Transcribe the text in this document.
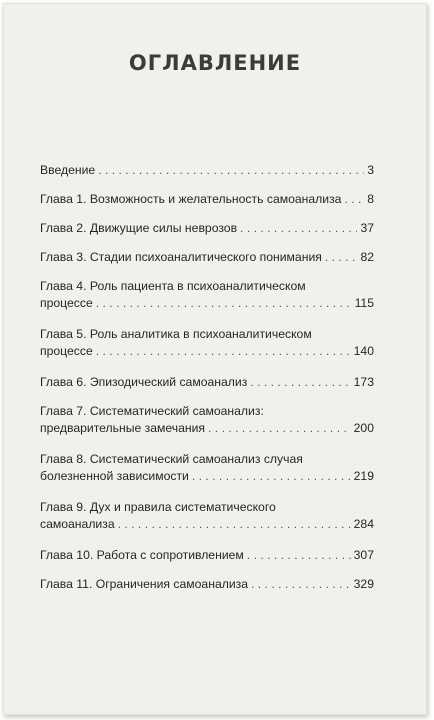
ОГЛАВЛЕНИЕ
Введение . . .	3
Глава 1. Возможность и желательность самоанализа . . . 8
Глава 2. Движущие силы неврозов . . .	37
Глава 3. Стадии психоаналитического понимания . . .	82
Глава 4. Роль пациента в психоаналитическом
процессе . . .	115
Глава 5. Роль аналитика в психоаналитическом
процессе . . .	140
Глава 6. Эпизодический самоанализ . . .	173
Глава 7. Систематический самоанализ:
предварительные замечания . . .	200
Глава 8. Систематический самоанализ случая
болезненной зависимости . . .	219
Глава 9. Дух и правила систематического
самоанализа . . .	284
Глава 10. Работа с сопротивлением . . .	307
Глава 11. Ограничения самоанализа . . .	329
